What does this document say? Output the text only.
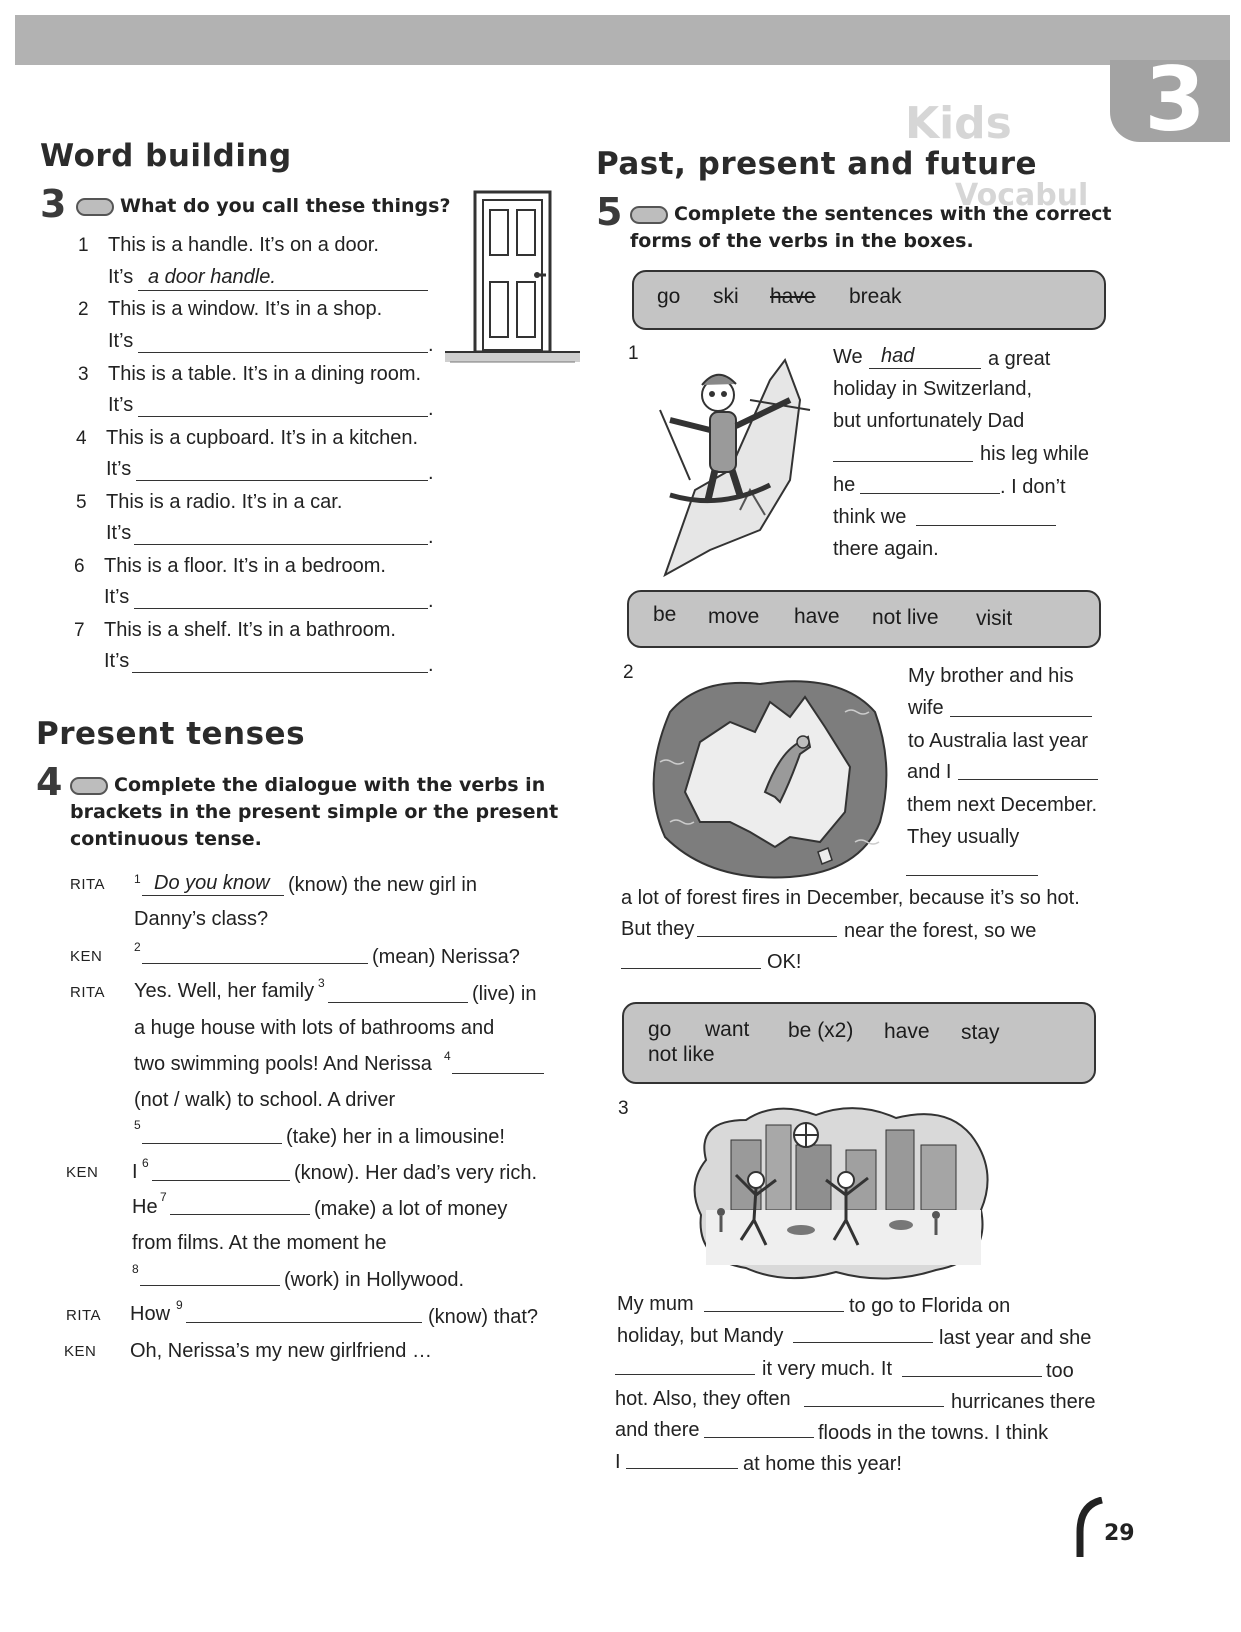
3
Kids
Vocabul
Word building
3	What do you call these things?
1 This is a handle. It’s on a door.
It’s a door handle.
2 This is a window. It’s in a shop.
It’s	.
3 This is a table. It’s in a dining room.
It’s	.
4 This is a cupboard. It’s in a kitchen.
It’s	.
5 This is a radio. It’s in a car.
It’s	.
6 This is a floor. It’s in a bedroom.
It’s	.
7 This is a shelf. It’s in a bathroom.
It’s	.
Present tenses
4	Complete the dialogue with the verbs in
brackets in the present simple or the present
continuous tense.
RITA $^1$ Do you know (know) the new girl in
Danny’s class?
KEN
$^2$	(mean) Nerissa?
RITA Yes. Well, her family $^3$	(live) in
a huge house with lots of bathrooms and
two swimming pools! And Nerissa $^4$
(not / walk) to school. A driver
$^5$
(take) her in a limousine!
KEN I $^6$	(know). Her dad’s very rich.
He $^7$
(make) a lot of money
from films. At the moment he
$^8$	(work) in Hollywood.
RITA How $^9$
(know) that?
KEN Oh, Nerissa’s my new girlfriend …
Past, present and future
5	Complete the sentences with the correct
forms of the verbs in the boxes.
go ski have break
1	We had	a great
holiday in Switzerland,
but unfortunately Dad
his leg while
he	. I don’t
think we
there again.
be move have not live visit
2	My brother and his
wife
to Australia last year
and I
them next December.
They usually
a lot of forest fires in December, because it’s so hot.
But they	near the forest, so we
OK!
go want be (x2) have stay
not like
3
My mum	to go to Florida on
holiday, but Mandy	last year and she
it very much. It	too
hot. Also, they often	hurricanes there
and there	floods in the towns. I think
I	at home this year!
29
